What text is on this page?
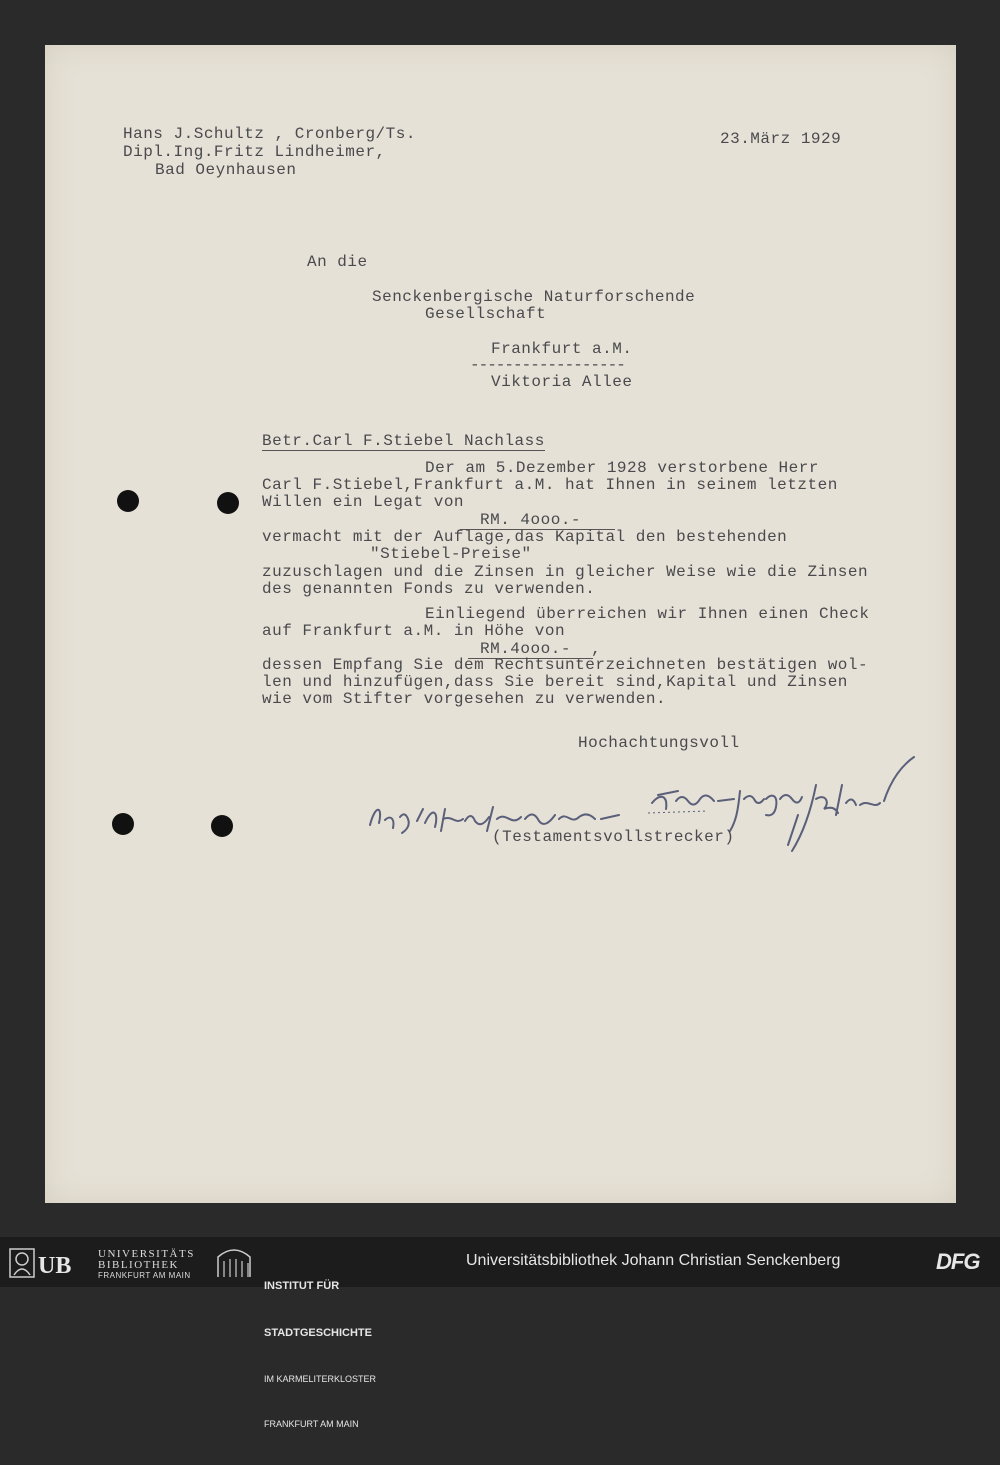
Hans J.Schultz , Cronberg/Ts.
Dipl.Ing.Fritz Lindheimer,
Bad Oeynhausen
23.März 1929
An die
Senckenbergische Naturforschende
Gesellschaft
Frankfurt a.M.
------------------
Viktoria Allee
Betr.Carl F.Stiebel Nachlass
Der am 5.Dezember 1928 verstorbene Herr
Carl F.Stiebel,Frankfurt a.M. hat Ihnen in seinem letzten
Willen ein Legat von
RM. 4ooo.-
vermacht mit der Auflage,das Kapital den bestehenden
"Stiebel-Preise"
zuzuschlagen und die Zinsen in gleicher Weise wie die Zinsen
des genannten Fonds zu verwenden.
Einliegend überreichen wir Ihnen einen Check
auf Frankfurt a.M. in Höhe von
RM.4ooo.-  ,
dessen Empfang Sie dem Rechtsunterzeichneten bestätigen wol-
len und hinzufügen,dass Sie bereit sind,Kapital und Zinsen
wie vom Stifter vorgesehen zu verwenden.
Hochachtungsvoll
(Testamentsvollstrecker)
UB UNIVERSITÄTS
BIBLIOTHEK
FRANKFURT AM MAIN

INSTITUT FÜR

STADTGESCHICHTE

IM KARMELITERKLOSTER

FRANKFURT AM MAIN

Universitätsbibliothek Johann Christian Senckenberg	DFG
